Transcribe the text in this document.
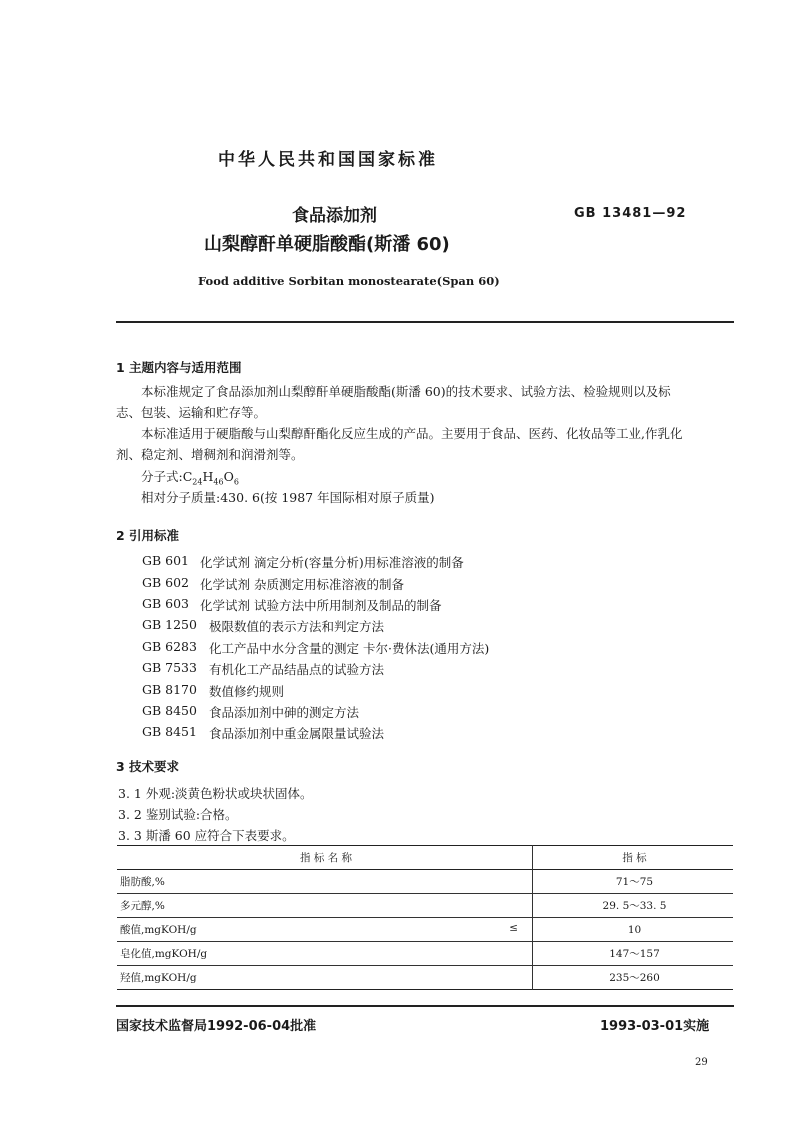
中华人民共和国国家标准
食品添加剂
山梨醇酐单硬脂酸酯(斯潘 60)
GB 13481—92
Food additive Sorbitan monostearate(Span 60)
1 主题内容与适用范围
本标准规定了食品添加剂山梨醇酐单硬脂酸酯(斯潘 60)的技术要求、试验方法、检验规则以及标
志、包装、运输和贮存等。
本标准适用于硬脂酸与山梨醇酐酯化反应生成的产品。主要用于食品、医药、化妆品等工业,作乳化
剂、稳定剂、增稠剂和润滑剂等。
分子式$:C_{24}H_{46}O_6$
相对分子质量:430. 6(按 1987 年国际相对原子质量)
2 引用标准
GB 601 化学试剂 滴定分析(容量分析)用标准溶液的制备
GB 602 化学试剂 杂质测定用标准溶液的制备
GB 603 化学试剂 试验方法中所用制剂及制品的制备
GB 1250 极限数值的表示方法和判定方法
GB 6283 化工产品中水分含量的测定 卡尔·费休法(通用方法)
GB 7533 有机化工产品结晶点的试验方法
GB 8170 数值修约规则
GB 8450 食品添加剂中砷的测定方法
GB 8451 食品添加剂中重金属限量试验法
3 技术要求
3. 1 外观:淡黄色粉状或块状固体。
3. 2 鉴别试验:合格。
3. 3 斯潘 60 应符合下表要求。
指 标 名 称	指 标
脂肪酸,%	71～75
多元醇,%	29. 5～33. 5
酸值,mgKOH/g ≤	10
皂化值,mgKOH/g	147～157
羟值,mgKOH/g	235～260
国家技术监督局1992-06-04批准	1993-03-01实施
29
